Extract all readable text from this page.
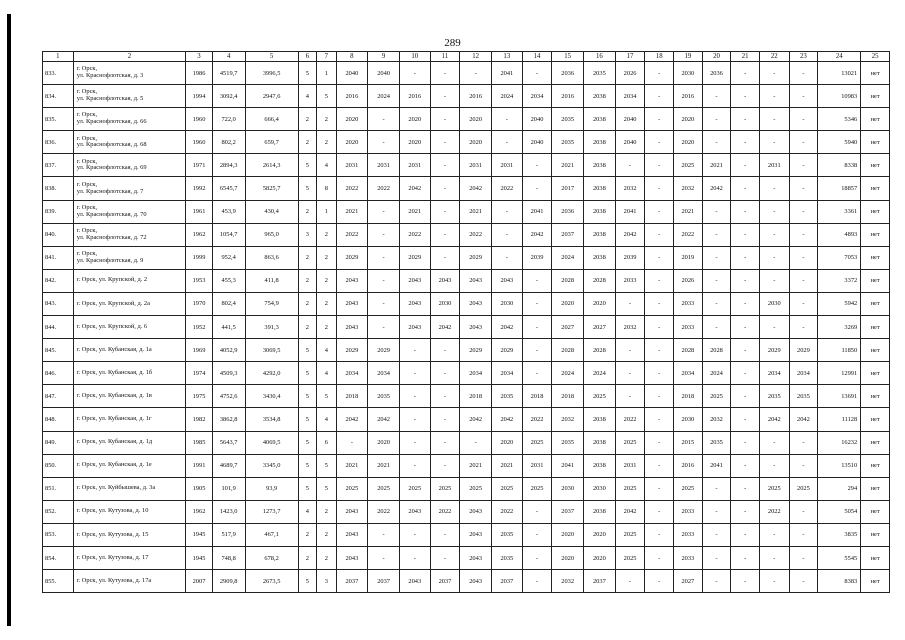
289
1	2	3	4	5	6	7	8	9	10	11	12	13	14	15	16	17	18	19	20	21	22	23	24	25
833.	г. Орск,
ул. Краснофлотская, д. 3	1986	4519,7	3996,5	5	1	2040	2040	-	-	-	2041	-	2036	2035	2026	-	2030	2036	-	-	-	13021	нет
834.	г. Орск,
ул. Краснофлотская, д. 5	1994	3092,4	2947,6	4	5	2016	2024	2016	-	2016	2024	2034	2016	2038	2034	-	2016	-	-	-	-	10983	нет
835.	г. Орск,
ул. Краснофлотская, д. 66	1960	722,0	666,4	2	2	2020	-	2020	-	2020	-	2040	2035	2038	2040	-	2020	-	-	-	-	5346	нет
836.	г. Орск,
ул. Краснофлотская, д. 68	1960	802,2	659,7	2	2	2020	-	2020	-	2020	-	2040	2035	2038	2040	-	2020	-	-	-	-	5940	нет
837.	г. Орск,
ул. Краснофлотская, д. 69	1971	2894,3	2614,3	5	4	2031	2031	2031	-	2031	2031	-	2021	2038	-	-	2025	2021	-	2031	-	8338	нет
838.	г. Орск,
ул. Краснофлотская, д. 7	1992	6545,7	5825,7	5	8	2022	2022	2042	-	2042	2022	-	2017	2038	2032	-	2032	2042	-	-	-	18857	нет
839.	г. Орск,
ул. Краснофлотская, д. 70	1961	453,9	430,4	2	1	2021	-	2021	-	2021	-	2041	2036	2038	2041	-	2021	-	-	-	-	3361	нет
840.	г. Орск,
ул. Краснофлотская, д. 72	1962	1054,7	965,0	3	2	2022	-	2022	-	2022	-	2042	2037	2038	2042	-	2022	-	-	-	-	4893	нет
841.	г. Орск,
ул. Краснофлотская, д. 9	1999	952,4	863,6	2	2	2029	-	2029	-	2029	-	2039	2024	2038	2039	-	2019	-	-	-	-	7053	нет
842.	г. Орск, ул. Крупской, д. 2	1953	455,3	411,8	2	2	2043	-	2043	2043	2043	2043	-	2028	2028	2033	-	2026	-	-	-	-	3372	нет
843.	г. Орск, ул. Крупской, д. 2а	1970	802,4	754,9	2	2	2043	-	2043	2030	2043	2030	-	2020	2020	-	-	2033	-	-	2030	-	5942	нет
844.	г. Орск, ул. Крупской, д. 6	1952	441,5	391,3	2	2	2043	-	2043	2042	2043	2042	-	2027	2027	2032	-	2033	-	-	-	-	3269	нет
845.	г. Орск, ул. Кубанская, д. 1а	1969	4052,9	3069,5	5	4	2029	2029	-	-	2029	2029	-	2028	2028	-	-	2028	2028	-	2029	2029	11850	нет
846.	г. Орск, ул. Кубанская, д. 1б	1974	4509,3	4292,0	5	4	2034	2034	-	-	2034	2034	-	2024	2024	-	-	2034	2024	-	2034	2034	12991	нет
847.	г. Орск, ул. Кубанская, д. 1в	1975	4752,6	3430,4	5	5	2018	2035	-	-	2018	2035	2018	2018	2025	-	-	2018	2025	-	2035	2035	13691	нет
848.	г. Орск, ул. Кубанская, д. 1г	1982	3862,8	3534,8	5	4	2042	2042	-	-	2042	2042	2022	2032	2038	2022	-	2030	2032	-	2042	2042	11128	нет
849.	г. Орск, ул. Кубанская, д. 1д	1985	5643,7	4069,5	5	6	-	2020	-	-	-	2020	2025	2035	2038	2025	-	2015	2035	-	-	-	16232	нет
850.	г. Орск, ул. Кубанская, д. 1е	1991	4689,7	3345,0	5	5	2021	2021	-	-	2021	2021	2031	2041	2038	2031	-	2016	2041	-	-	-	13510	нет
851.	г. Орск, ул. Куйбышева, д. 3а	1905	101,9	93,9	5	5	2025	2025	2025	2025	2025	2025	2025	2030	2030	2025	-	2025	-	-	2025	2025	294	нет
852.	г. Орск, ул. Кутузова, д. 10	1962	1423,0	1273,7	4	2	2043	2022	2043	2022	2043	2022	-	2037	2038	2042	-	2033	-	-	2022	-	5054	нет
853.	г. Орск, ул. Кутузова, д. 15	1945	517,9	467,1	2	2	2043	-	-	-	2043	2035	-	2020	2020	2025	-	2033	-	-	-	-	3835	нет
854.	г. Орск, ул. Кутузова, д. 17	1945	748,8	678,2	2	2	2043	-	-	-	2043	2035	-	2020	2020	2025	-	2033	-	-	-	-	5545	нет
855.	г. Орск, ул. Кутузова, д. 17а	2007	2909,8	2673,5	5	3	2037	2037	2043	2037	2043	2037	-	2032	2037	-	-	2027	-	-	-	-	8383	нет
